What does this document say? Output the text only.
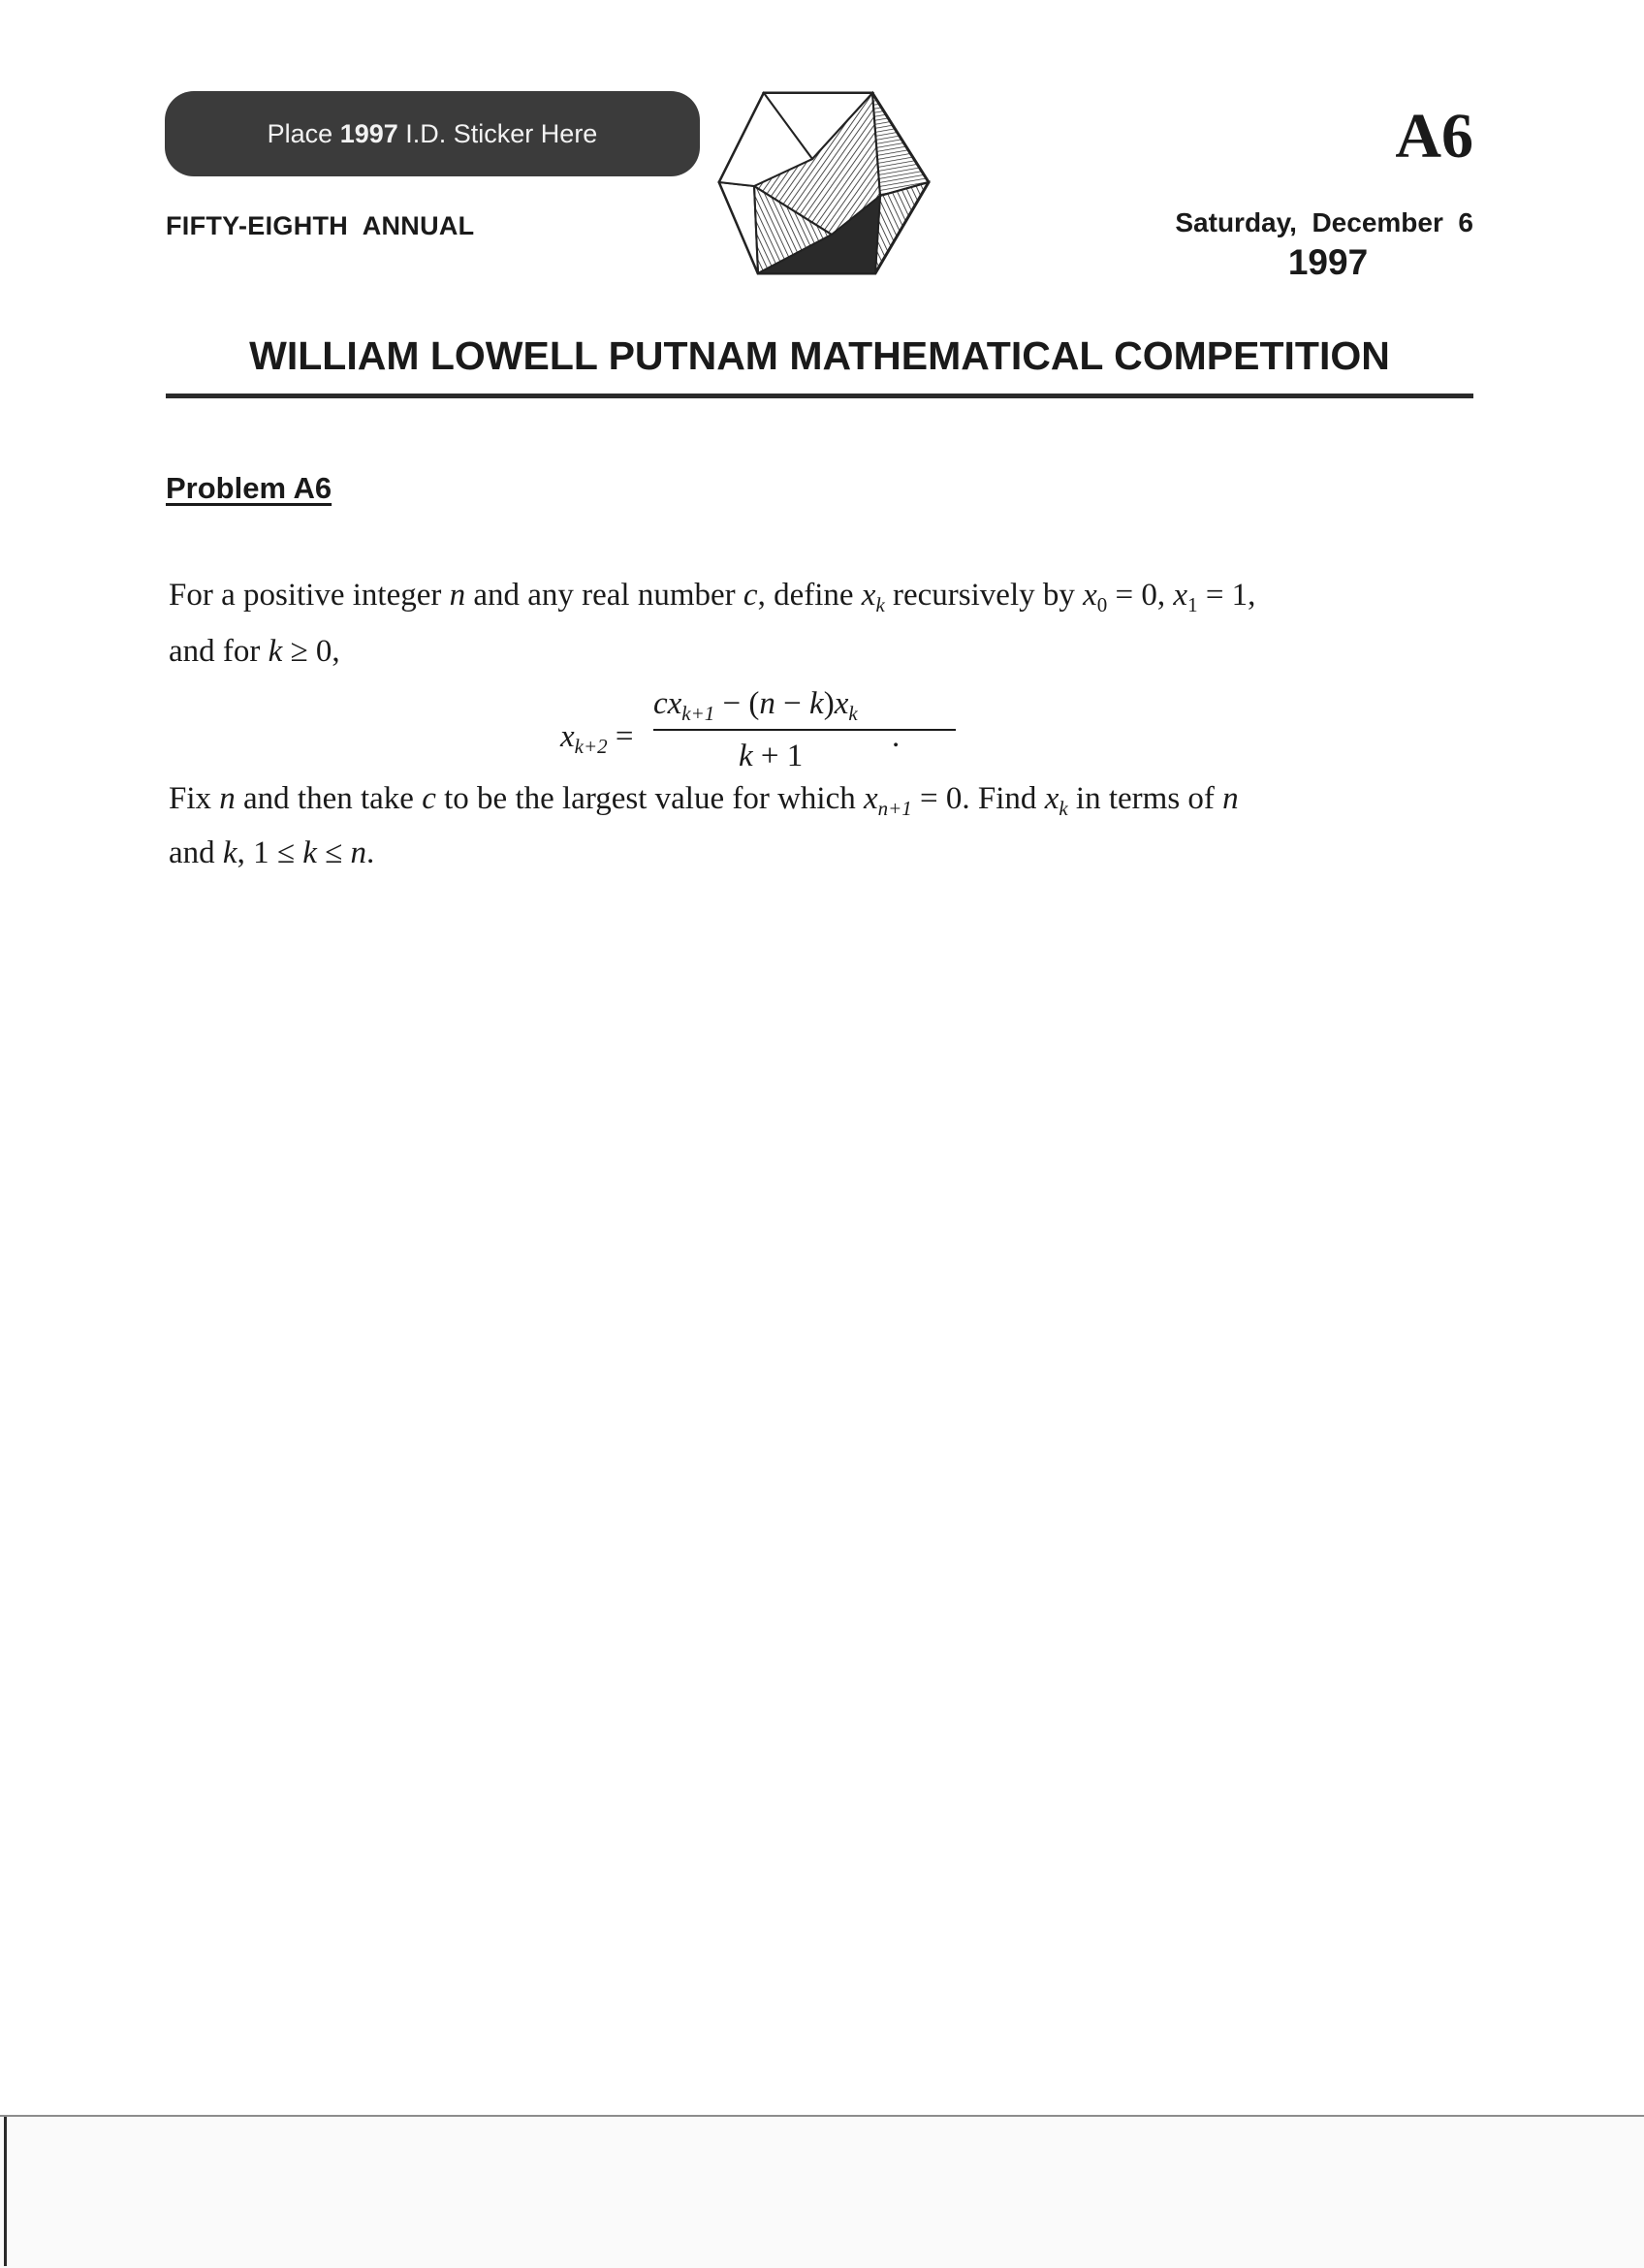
Place 1997 I.D. Sticker Here	A6
FIFTY-EIGHTH  ANNUAL	Saturday,  December  6
1997
WILLIAM LOWELL PUTNAM MATHEMATICAL COMPETITION
Problem A6
For a positive integer n and any real number c, define $x_k$ recursively by $x_0 = 0$, $x_1 = 1$,
and for k ≥ 0,
$x_{k+2}$ =
$cx_{k+1} - (n - k)x_k$
k + 1
.
Fix n and then take c to be the largest value for which $x_{n+1} = 0$. Find $x_k$ in terms of n
and k, 1 ≤ k ≤ n.
